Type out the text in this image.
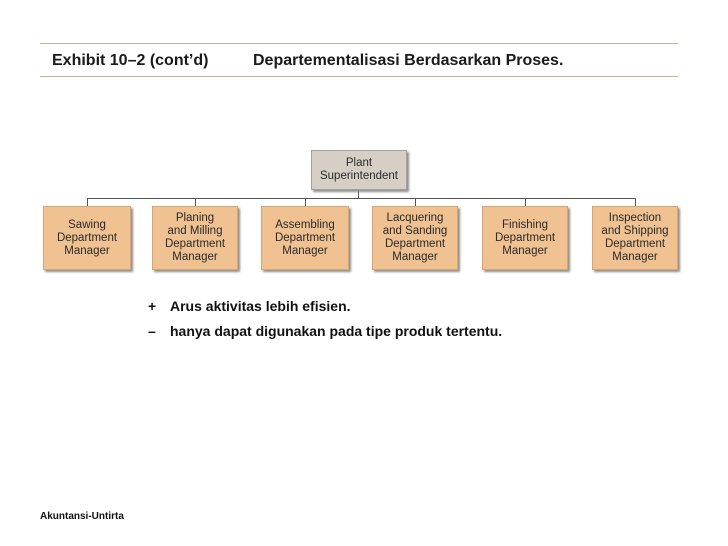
Exhibit 10–2 (cont’d)	Departementalisasi Berdasarkan Proses.
Plant
Superintendent
Sawing
Department
Manager
Planing
and Milling
Department
Manager
Assembling
Department
Manager
Lacquering
and Sanding
Department
Manager
Finishing
Department
Manager
Inspection
and Shipping
Department
Manager
+ Arus aktivitas lebih efisien.
–	hanya dapat digunakan pada tipe produk tertentu.
Akuntansi-Untirta
